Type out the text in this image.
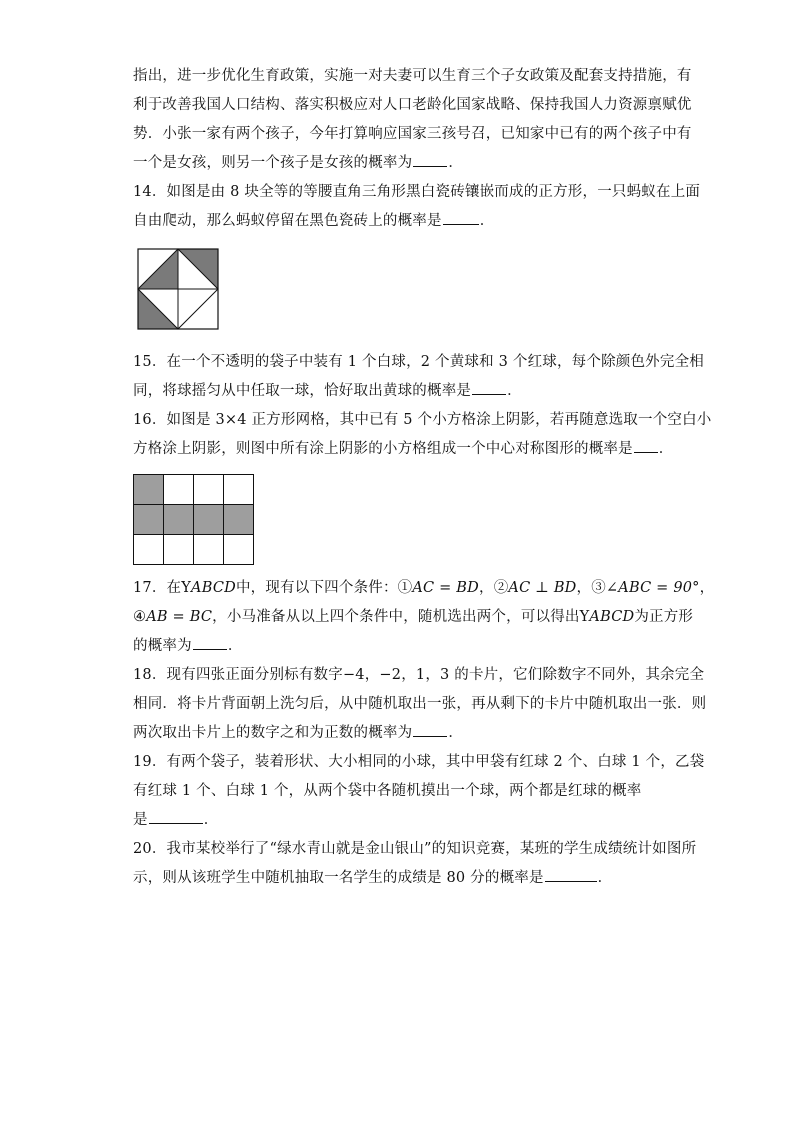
指出，进一步优化生育政策，实施一对夫妻可以生育三个子女政策及配套支持措施，有
利于改善我国人口结构、落实积极应对人口老龄化国家战略、保持我国人力资源禀赋优
势．小张一家有两个孩子，今年打算响应国家三孩号召，已知家中已有的两个孩子中有
一个是女孩，则另一个孩子是女孩的概率为 ．
14．如图是由 8 块全等的等腰直角三角形黑白瓷砖镶嵌而成的正方形，一只蚂蚁在上面
自由爬动，那么蚂蚁停留在黑色瓷砖上的概率是	．
15．在一个不透明的袋子中装有 1 个白球，2 个黄球和 3 个红球，每个除颜色外完全相
同，将球摇匀从中任取一球，恰好取出黄球的概率是 ．
16．如图是 3×4 正方形网格，其中已有 5 个小方格涂上阴影，若再随意选取一个空白小
方格涂上阴影，则图中所有涂上阴影的小方格组成一个中心对称图形的概率是 ．
17．在YABCD中，现有以下四个条件：①AC = BD，②AC ⊥ BD，③∠ABC = 90°，
④AB = BC，小马准备从以上四个条件中，随机选出两个，可以得出YABCD为正方形
的概率为 ．
18．现有四张正面分别标有数字−4，−2，1，3 的卡片，它们除数字不同外，其余完全
相同．将卡片背面朝上洗匀后，从中随机取出一张，再从剩下的卡片中随机取出一张．则
两次取出卡片上的数字之和为正数的概率为 ．
19．有两个袋子，装着形状、大小相同的小球，其中甲袋有红球 2 个、白球 1 个，乙袋
有红球 1 个、白球 1 个，从两个袋中各随机摸出一个球，两个都是红球的概率
是	．
20．我市某校举行了“绿水青山就是金山银山”的知识竞赛，某班的学生成绩统计如图所
示，则从该班学生中随机抽取一名学生的成绩是 80 分的概率是	．
